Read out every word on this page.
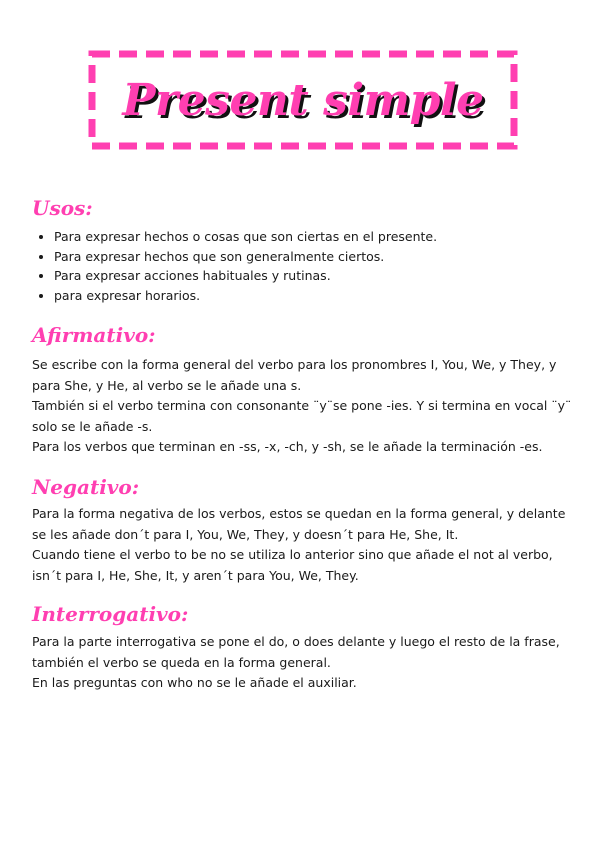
Present simple
Usos:
• Para expresar hechos o cosas que son ciertas en el presente.
• Para expresar hechos que son generalmente ciertos.
• Para expresar acciones habituales y rutinas.
• para expresar horarios.
Afirmativo:

Se escribe con la forma general del verbo para los pronombres I, You, We, y They, y
para She, y He, al verbo se le añade una s.
También si el verbo termina con consonante ¨y¨se pone -ies. Y si termina en vocal ¨y¨
solo se le añade -s.
Para los verbos que terminan en -ss, -x, -ch, y -sh, se le añade la terminación -es.

Negativo:

Para la forma negativa de los verbos, estos se quedan en la forma general, y delante
se les añade don´t para I, You, We, They, y doesn´t para He, She, It.
Cuando tiene el verbo to be no se utiliza lo anterior sino que añade el not al verbo,
isn´t para I, He, She, It, y aren´t para You, We, They.

Interrogativo:

Para la parte interrogativa se pone el do, o does delante y luego el resto de la frase,
también el verbo se queda en la forma general.
En las preguntas con who no se le añade el auxiliar.
